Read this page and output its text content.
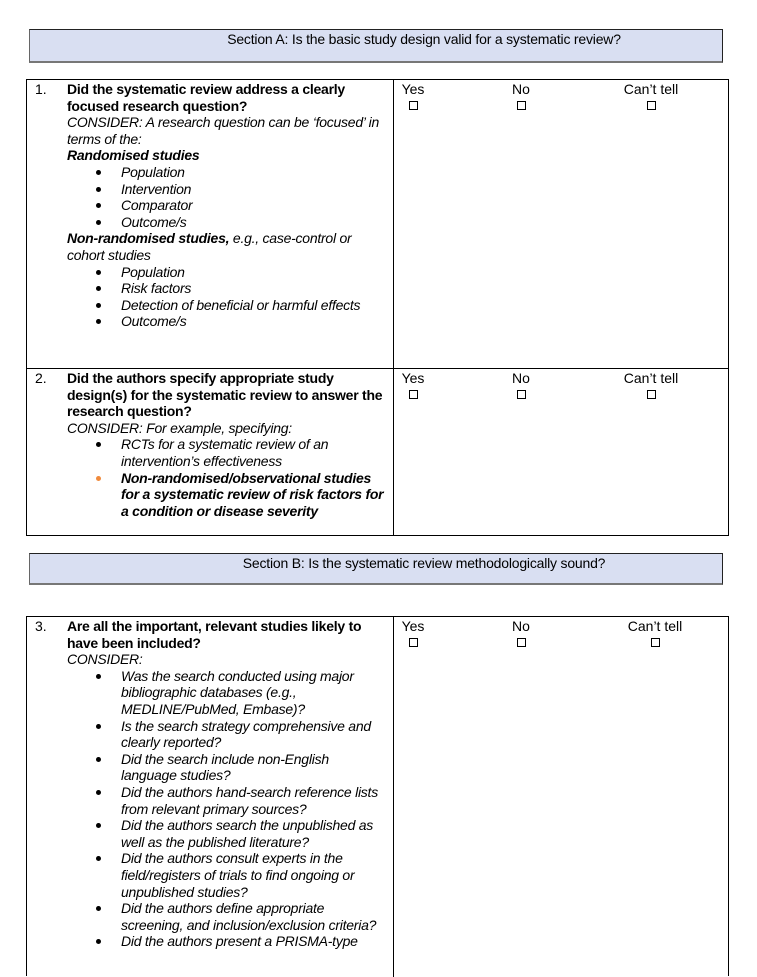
Section A: Is the basic study design valid for a systematic review?
1.	Did the systematic review address a clearly focused research question?
CONSIDER: A research question can be ‘focused’ in terms of the:
Randomised studies
Population
Intervention
Comparator
Outcome/s
Non-randomised studies, e.g., case-control or cohort studies
Population
Risk factors
Detection of beneficial or harmful effects
Outcome/s
Yes	No	Can’t tell
2.	Did the authors specify appropriate study design(s) for the systematic review to answer the research question?
CONSIDER: For example, specifying:
RCTs for a systematic review of an intervention’s effectiveness
Non-randomised/observational studies for a systematic review of risk factors for a condition or disease severity
Yes	No	Can’t tell
Section B: Is the systematic review methodologically sound?
3.	Are all the important, relevant studies likely to have been included?
CONSIDER:
Was the search conducted using major bibliographic databases (e.g., MEDLINE/PubMed, Embase)?
Is the search strategy comprehensive and clearly reported?
Did the search include non-English language studies?
Did the authors hand-search reference lists from relevant primary sources?
Did the authors search the unpublished as well as the published literature?
Did the authors consult experts in the field/registers of trials to find ongoing or unpublished studies?
Did the authors define appropriate screening, and inclusion/exclusion criteria?
Did the authors present a PRISMA-type
Yes	No	Can’t tell
